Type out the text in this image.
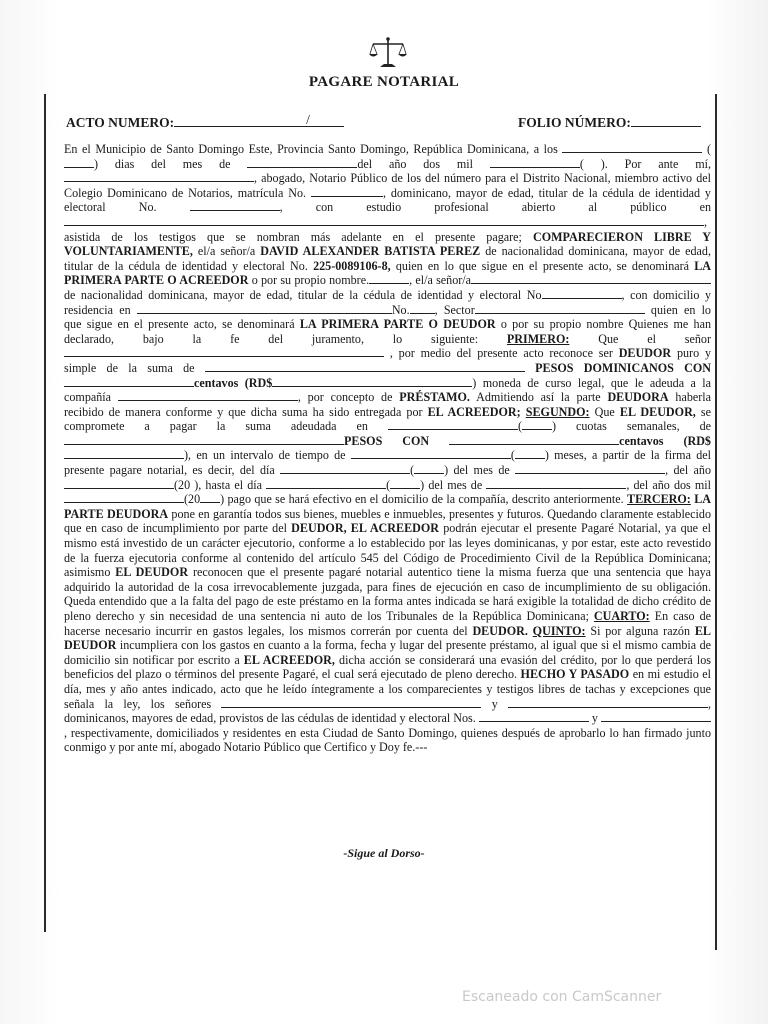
PAGARE NOTARIAL
ACTO NUMERO:	/	FOLIO NÚMERO:

En el Municipio de Santo Domingo Este, Provincia Santo Domingo, República Dominicana, a los	() dias del mes de	del año dos mil	( ). Por ante mí, , abogado, Notario Público de los del número para el Distrito Nacional, miembro activo del Colegio Dominicano de Notarios, matrícula No.	, dominicano, mayor de edad, titular de la cédula de identidad y electoral No.	, con estudio profesional abierto al público en , asistida de los testigos que se nombran más adelante en el presente pagare; COMPARECIERON LIBRE Y VOLUNTARIAMENTE, el/a señor/a DAVID ALEXANDER BATISTA PEREZ de nacionalidad dominicana, mayor de edad, titular de la cédula de identidad y electoral No. 225-0089106-8, quien en lo que sigue en el presente acto, se denominará LA PRIMERA PARTE O ACREEDOR o por su propio nombre.	, el/a señor/a de nacionalidad dominicana, mayor de edad, titular de la cédula de identidad y electoral No	, con domicilio y residencia en	No. , Sector	quien en lo que sigue en el presente acto, se denominará LA PRIMERA PARTE O DEUDOR o por su propio nombre Quienes me han declarado, bajo la fe del juramento, lo siguiente: PRIMERO: Que el señor  , por medio del presente acto reconoce ser DEUDOR puro y simple de la suma de	PESOS DOMINICANOS CON centavos (RD$	) moneda de curso legal, que le adeuda a la compañía	, por concepto de PRÉSTAMO. Admitiendo así la parte DEUDORA haberla recibido de manera conforme y que dicha suma ha sido entregada por EL ACREEDOR; SEGUNDO: Que EL DEUDOR, se compromete a pagar la suma adeudada en	( ) cuotas semanales, de PESOS CON	centavos (RD$), en un intervalo de tiempo de	( ) meses, a partir de la firma del presente pagare notarial, es decir, del día	( ) del mes de	, del año (20 ), hasta el día	( ) del mes de	, del año dos mil (20 ) pago que se hará efectivo en el domicilio de la compañía, descrito anteriormente. TERCERO: LA PARTE DEUDORA pone en garantía todos sus bienes, muebles e inmuebles, presentes y futuros. Quedando claramente establecido que en caso de incumplimiento por parte del DEUDOR, EL ACREEDOR podrán ejecutar el presente Pagaré Notarial, ya que el mismo está investido de un carácter ejecutorio, conforme a lo establecido por las leyes dominicanas, y por estar, este acto revestido de la fuerza ejecutoria conforme al contenido del artículo 545 del Código de Procedimiento Civil de la República Dominicana; asimismo EL DEUDOR reconocen que el presente pagaré notarial autentico tiene la misma fuerza que una sentencia que haya adquirido la autoridad de la cosa irrevocablemente juzgada, para fines de ejecución en caso de incumplimiento de su obligación. Queda entendido que a la falta del pago de este préstamo en la forma antes indicada se hará exigible la totalidad de dicho crédito de pleno derecho y sin necesidad de una sentencia ni auto de los Tribunales de la República Dominicana; CUARTO: En caso de hacerse necesario incurrir en gastos legales, los mismos correrán por cuenta del DEUDOR. QUINTO: Si por alguna razón EL DEUDOR incumpliera con los gastos en cuanto a la forma, fecha y lugar del presente préstamo, al igual que si el mismo cambia de domicilio sin notificar por escrito a EL ACREEDOR, dicha acción se considerará una evasión del crédito, por lo que perderá los beneficios del plazo o términos del presente Pagaré, el cual será ejecutado de pleno derecho. HECHO Y PASADO en mi estudio el día, mes y año antes indicado, acto que he leído íntegramente a los comparecientes y testigos libres de tachas y excepciones que señala la ley, los señores	y	, dominicanos, mayores de edad, provistos de las cédulas de identidad y electoral Nos.	y , respectivamente, domiciliados y residentes en esta Ciudad de Santo Domingo, quienes después de aprobarlo lo han firmado junto conmigo y por ante mí, abogado Notario Público que Certifico y Doy fe.---

-Sigue al Dorso-
Escaneado con CamScanner
